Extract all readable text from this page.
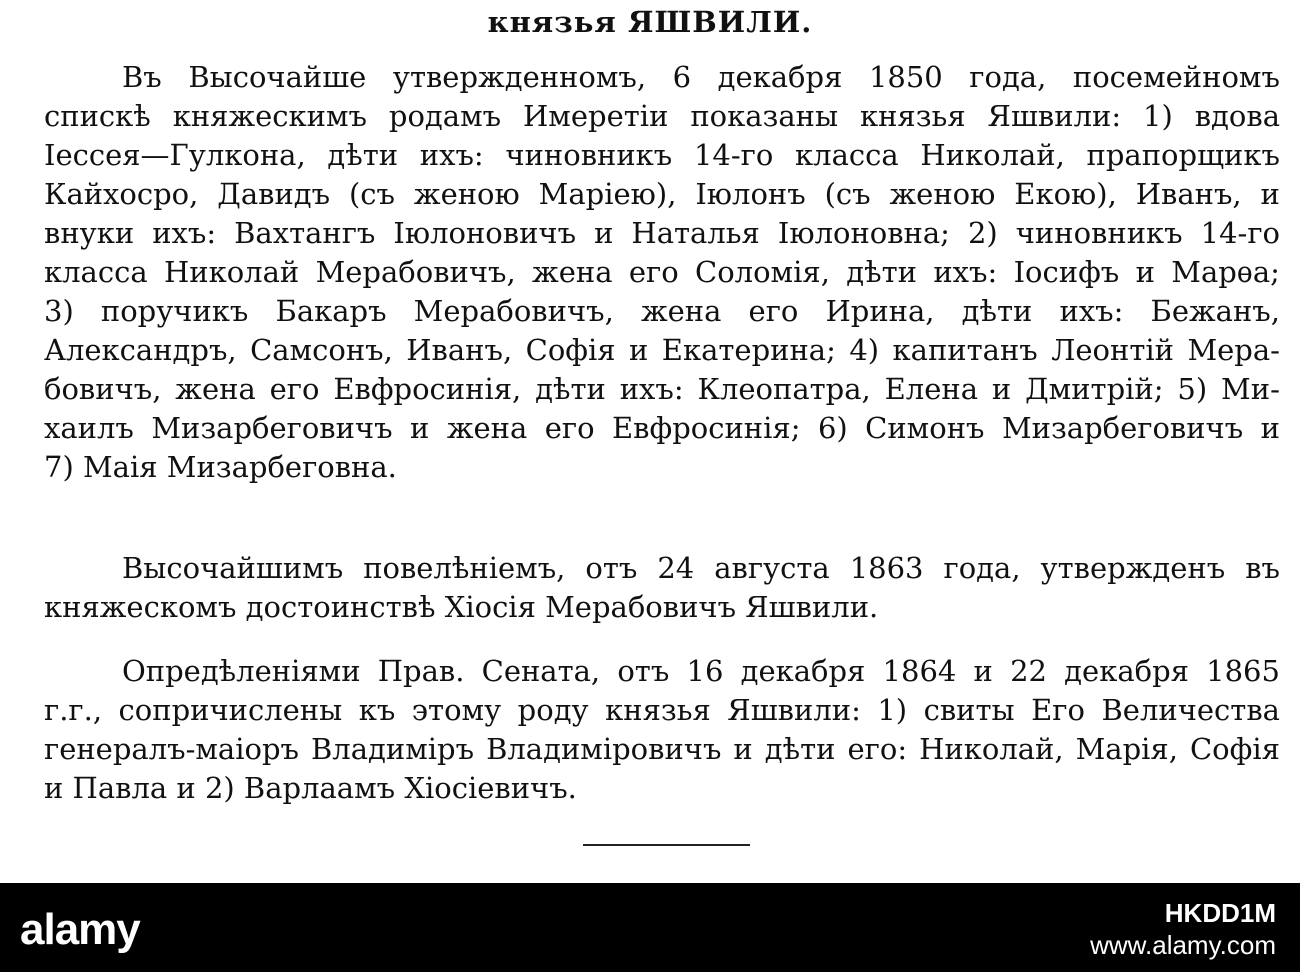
князья ЯШВИЛИ.
Въ Высочайше утвержденномъ, 6 декабря 1850 года, посемейномъ
спискѣ княжескимъ родамъ Имеретіи показаны князья Яшвили: 1) вдова
Іессея—Гулкона, дѣти ихъ: чиновникъ 14-го класса Николай, прапорщикъ
Кайхосро, Давидъ (съ женою Маріею), Іюлонъ (съ женою Екою), Иванъ, и
внуки ихъ: Вахтангъ Іюлоновичъ и Наталья Іюлоновна; 2) чиновникъ 14-го
класса Николай Мерабовичъ, жена его Соломія, дѣти ихъ: Іосифъ и Марѳа;
3) поручикъ Бакаръ Мерабовичъ, жена его Ирина, дѣти ихъ: Бежанъ,
Александръ, Самсонъ, Иванъ, Софія и Екатерина; 4) капитанъ Леонтій Мера-
бовичъ, жена его Евфросинія, дѣти ихъ: Клеопатра, Елена и Дмитрій; 5) Ми-
хаилъ Мизарбеговичъ и жена его Евфросинія; 6) Симонъ Мизарбеговичъ и
7) Маія Мизарбеговна.
Высочайшимъ повелѣніемъ, отъ 24 августа 1863 года, утвержденъ въ
княжескомъ достоинствѣ Хіосія Мерабовичъ Яшвили.
Опредѣленіями Прав. Сената, отъ 16 декабря 1864 и 22 декабря 1865
г.г., сопричислены къ этому роду князья Яшвили: 1) свиты Его Величества
генералъ-маіоръ Владиміръ Владиміровичъ и дѣти его: Николай, Марія, Софія
и Павла и 2) Варлаамъ Хіосіевичъ.
alamy	HKDD1M
www.alamy.com
